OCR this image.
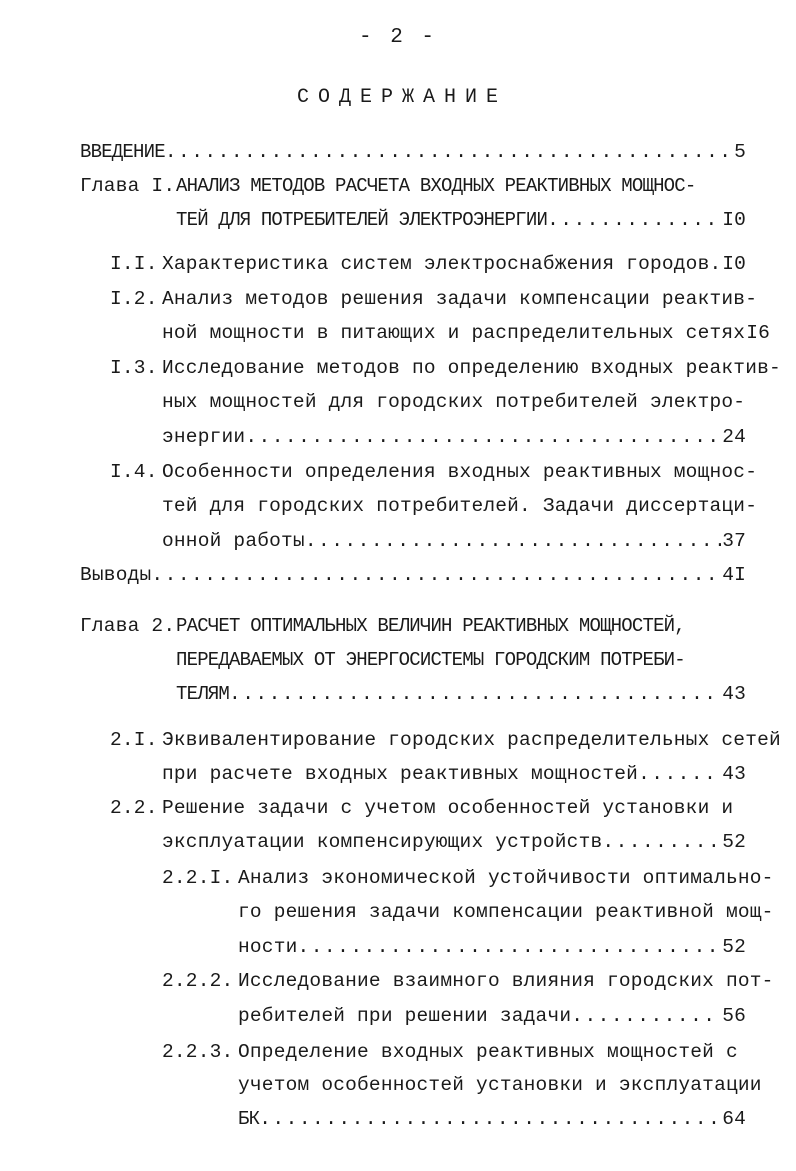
- 2 -
СОДЕРЖАНИЕ
ВВЕДЕНИЕ .....	5
Глава I. АНАЛИЗ МЕТОДОВ РАСЧЕТА ВХОДНЫХ РЕАКТИВНЫХ МОЩНОС-
ТЕЙ ДЛЯ ПОТРЕБИТЕЛЕЙ ЭЛЕКТРОЭНЕРГИИ .....	I0
I.I. Характеристика систем электроснабжения городов ..... I0
I.2. Анализ методов решения задачи компенсации реактив-
ной мощности в питающих и распределительных сетях I6
I.3. Исследование методов по определению входных реактив-
ных мощностей для городских потребителей электро-
энергии .....	24
I.4. Особенности определения входных реактивных мощнос-
тей для городских потребителей. Задачи диссертаци-
онной работы .....	37
Выводы .....	4I
Глава 2. РАСЧЕТ ОПТИМАЛЬНЫХ ВЕЛИЧИН РЕАКТИВНЫХ МОЩНОСТЕЙ,
ПЕРЕДАВАЕМЫХ ОТ ЭНЕРГОСИСТЕМЫ ГОРОДСКИМ ПОТРЕБИ-
ТЕЛЯМ .....	43
2.I. Эквивалентирование городских распределительных сетей
при расчете входных реактивных мощностей .....	43
2.2. Решение задачи с учетом особенностей установки и
эксплуатации компенсирующих устройств .....	52
2.2.I. Анализ экономической устойчивости оптимально-
го решения задачи компенсации реактивной мощ-
ности .....	52
2.2.2. Исследование взаимного влияния городских пот-
ребителей при решении задачи .....	56
2.2.3. Определение входных реактивных мощностей с
учетом особенностей установки и эксплуатации
БК .....	64
